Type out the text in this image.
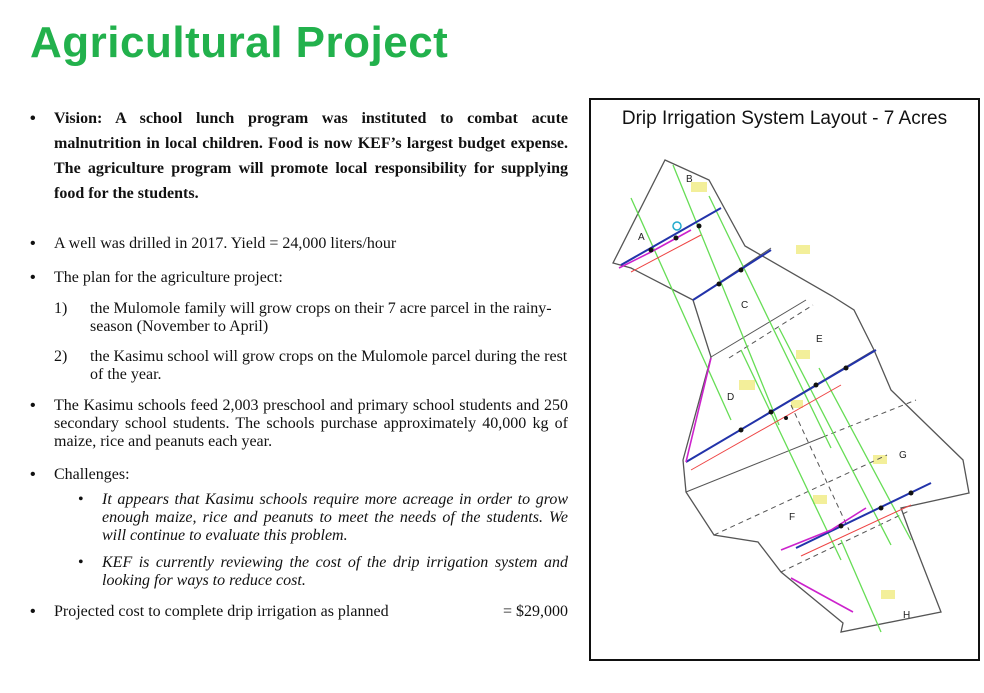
Agricultural Project
• Vision: A school lunch program was instituted to combat acute malnutrition in local children. Food is now KEF’s largest budget expense. The agriculture program will promote local responsibility for supplying food for the students.
• A well was drilled in 2017. Yield = 24,000 liters/hour
• The plan for the agriculture project:
1) the Mulomole family will grow crops on their 7 acre parcel in the rainy-season (November to April)
2) the Kasimu school will grow crops on the Mulomole parcel during the rest of the year.
• The Kasimu schools feed 2,003 preschool and primary school students and 250 secondary school students. The schools purchase approximately 40,000 kg of maize, rice and peanuts each year.
• Challenges:
• It appears that Kasimu schools require more acreage in order to grow enough maize, rice and peanuts to meet the needs of the students. We will continue to evaluate this problem.
• KEF is currently reviewing the cost of the drip irrigation system and looking for ways to reduce cost.
• Projected cost to complete drip irrigation as planned	= $29,000
Drip Irrigation System Layout - 7 Acres
A
B
C
D
E
F
G
H
